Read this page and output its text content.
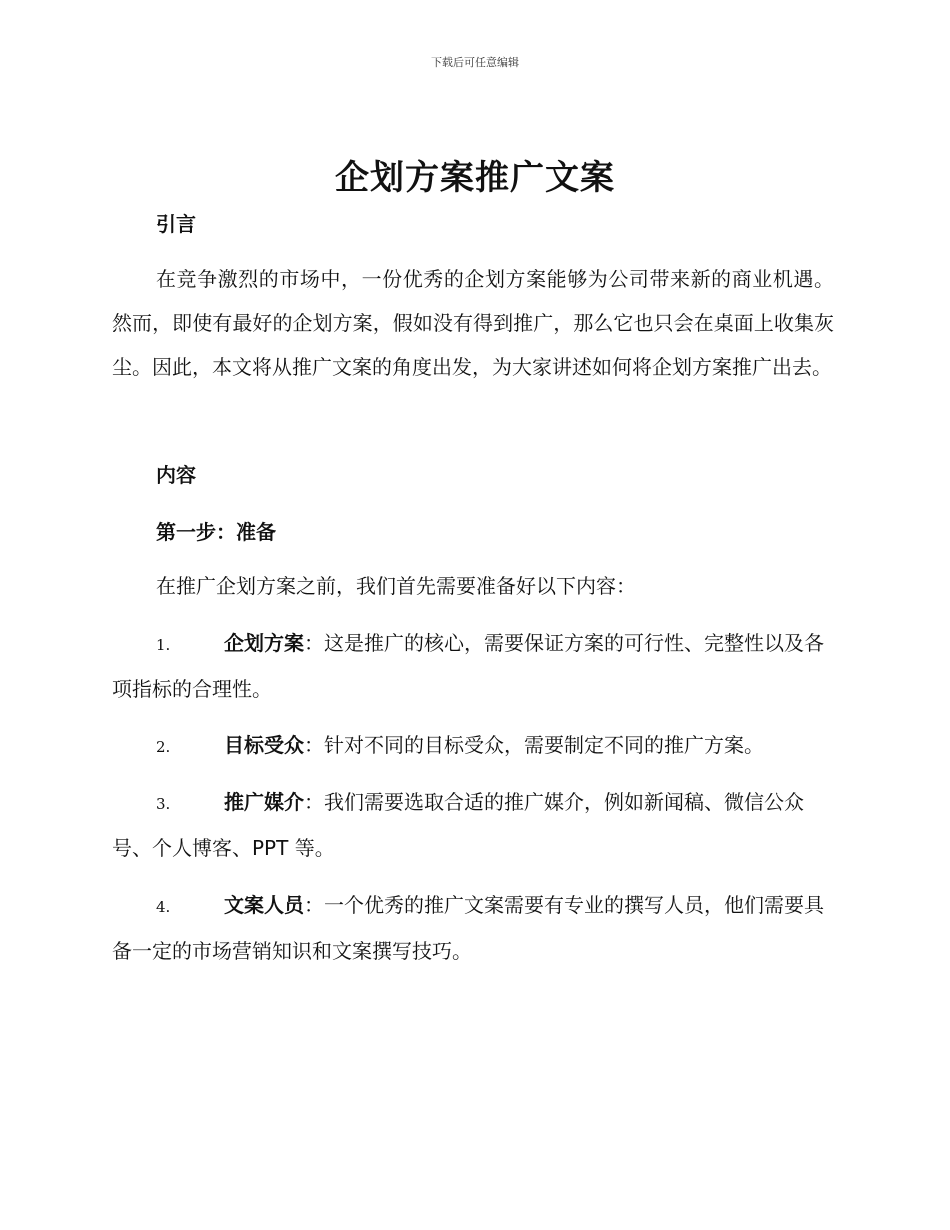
下载后可任意编辑
企划方案推广文案
引言

在竞争激烈的市场中，一份优秀的企划方案能够为公司带来新的商业机遇。然而，即使有最好的企划方案，假如没有得到推广，那么它也只会在桌面上收集灰尘。因此，本文将从推广文案的角度出发，为大家讲述如何将企划方案推广出去。

内容
第一步：准备

在推广企划方案之前，我们首先需要准备好以下内容：

1.	企划方案：这是推广的核心，需要保证方案的可行性、完整性以及各项指标的合理性。

2.	目标受众：针对不同的目标受众，需要制定不同的推广方案。

3.	推广媒介：我们需要选取合适的推广媒介，例如新闻稿、微信公众号、个人博客、PPT 等。

4.	文案人员：一个优秀的推广文案需要有专业的撰写人员，他们需要具备一定的市场营销知识和文案撰写技巧。
